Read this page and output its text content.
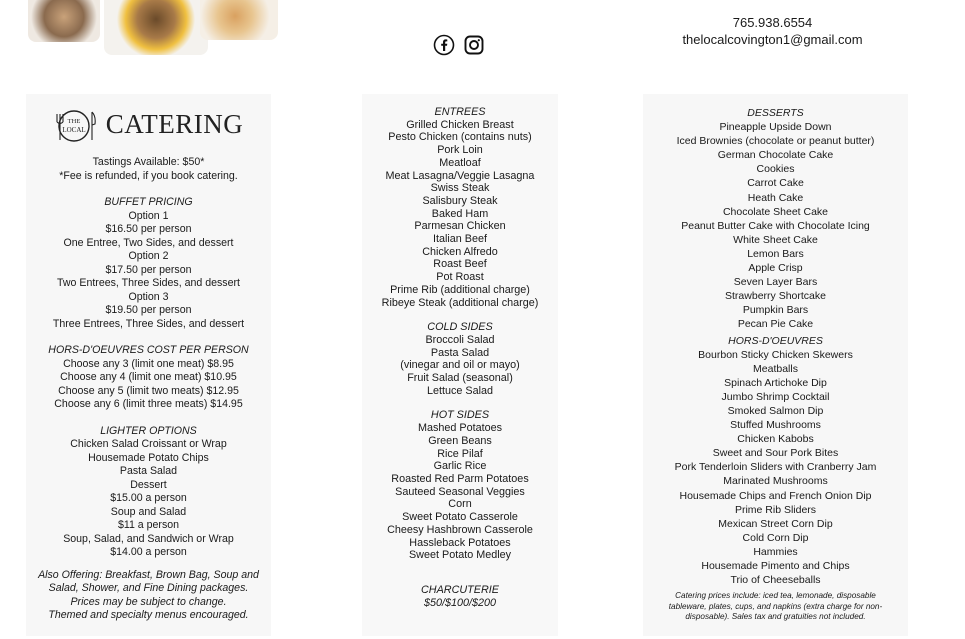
765.938.6554
thelocalcovington1@gmail.com
THE
LOCAL CATERING
Tastings Available: $50*
*Fee is refunded, if you book catering.
BUFFET PRICING
Option 1
$16.50 per person
One Entree, Two Sides, and dessert
Option 2
$17.50 per person
Two Entrees, Three Sides, and dessert
Option 3
$19.50 per person
Three Entrees, Three Sides, and dessert
HORS-D'OEUVRES COST PER PERSON
Choose any 3 (limit one meat) $8.95
Choose any 4 (limit one meat) $10.95
Choose any 5 (limit two meats) $12.95
Choose any 6 (limit three meats) $14.95
LIGHTER OPTIONS
Chicken Salad Croissant or Wrap
Housemade Potato Chips
Pasta Salad
Dessert
$15.00 a person
Soup and Salad
$11 a person
Soup, Salad, and Sandwich or Wrap
$14.00 a person
Also Offering: Breakfast, Brown Bag, Soup and
Salad, Shower, and Fine Dining packages.
Prices may be subject to change.
Themed and specialty menus encouraged.
ENTREES
Grilled Chicken Breast
Pesto Chicken (contains nuts)
Pork Loin
Meatloaf
Meat Lasagna/Veggie Lasagna
Swiss Steak
Salisbury Steak
Baked Ham
Parmesan Chicken
Italian Beef
Chicken Alfredo
Roast Beef
Pot Roast
Prime Rib (additional charge)
Ribeye Steak (additional charge)
COLD SIDES
Broccoli Salad
Pasta Salad
(vinegar and oil or mayo)
Fruit Salad (seasonal)
Lettuce Salad
HOT SIDES
Mashed Potatoes
Green Beans
Rice Pilaf
Garlic Rice
Roasted Red Parm Potatoes
Sauteed Seasonal Veggies
Corn
Sweet Potato Casserole
Cheesy Hashbrown Casserole
Hassleback Potatoes
Sweet Potato Medley
CHARCUTERIE
$50/$100/$200
DESSERTS
Pineapple Upside Down
Iced Brownies (chocolate or peanut butter)
German Chocolate Cake
Cookies
Carrot Cake
Heath Cake
Chocolate Sheet Cake
Peanut Butter Cake with Chocolate Icing
White Sheet Cake
Lemon Bars
Apple Crisp
Seven Layer Bars
Strawberry Shortcake
Pumpkin Bars
Pecan Pie Cake
HORS-D'OEUVRES
Bourbon Sticky Chicken Skewers
Meatballs
Spinach Artichoke Dip
Jumbo Shrimp Cocktail
Smoked Salmon Dip
Stuffed Mushrooms
Chicken Kabobs
Sweet and Sour Pork Bites
Pork Tenderloin Sliders with Cranberry Jam
Marinated Mushrooms
Housemade Chips and French Onion Dip
Prime Rib Sliders
Mexican Street Corn Dip
Cold Corn Dip
Hammies
Housemade Pimento and Chips
Trio of Cheeseballs
Catering prices include: iced tea, lemonade, disposable
tableware, plates, cups, and napkins (extra charge for non-
disposable). Sales tax and gratuities not included.
